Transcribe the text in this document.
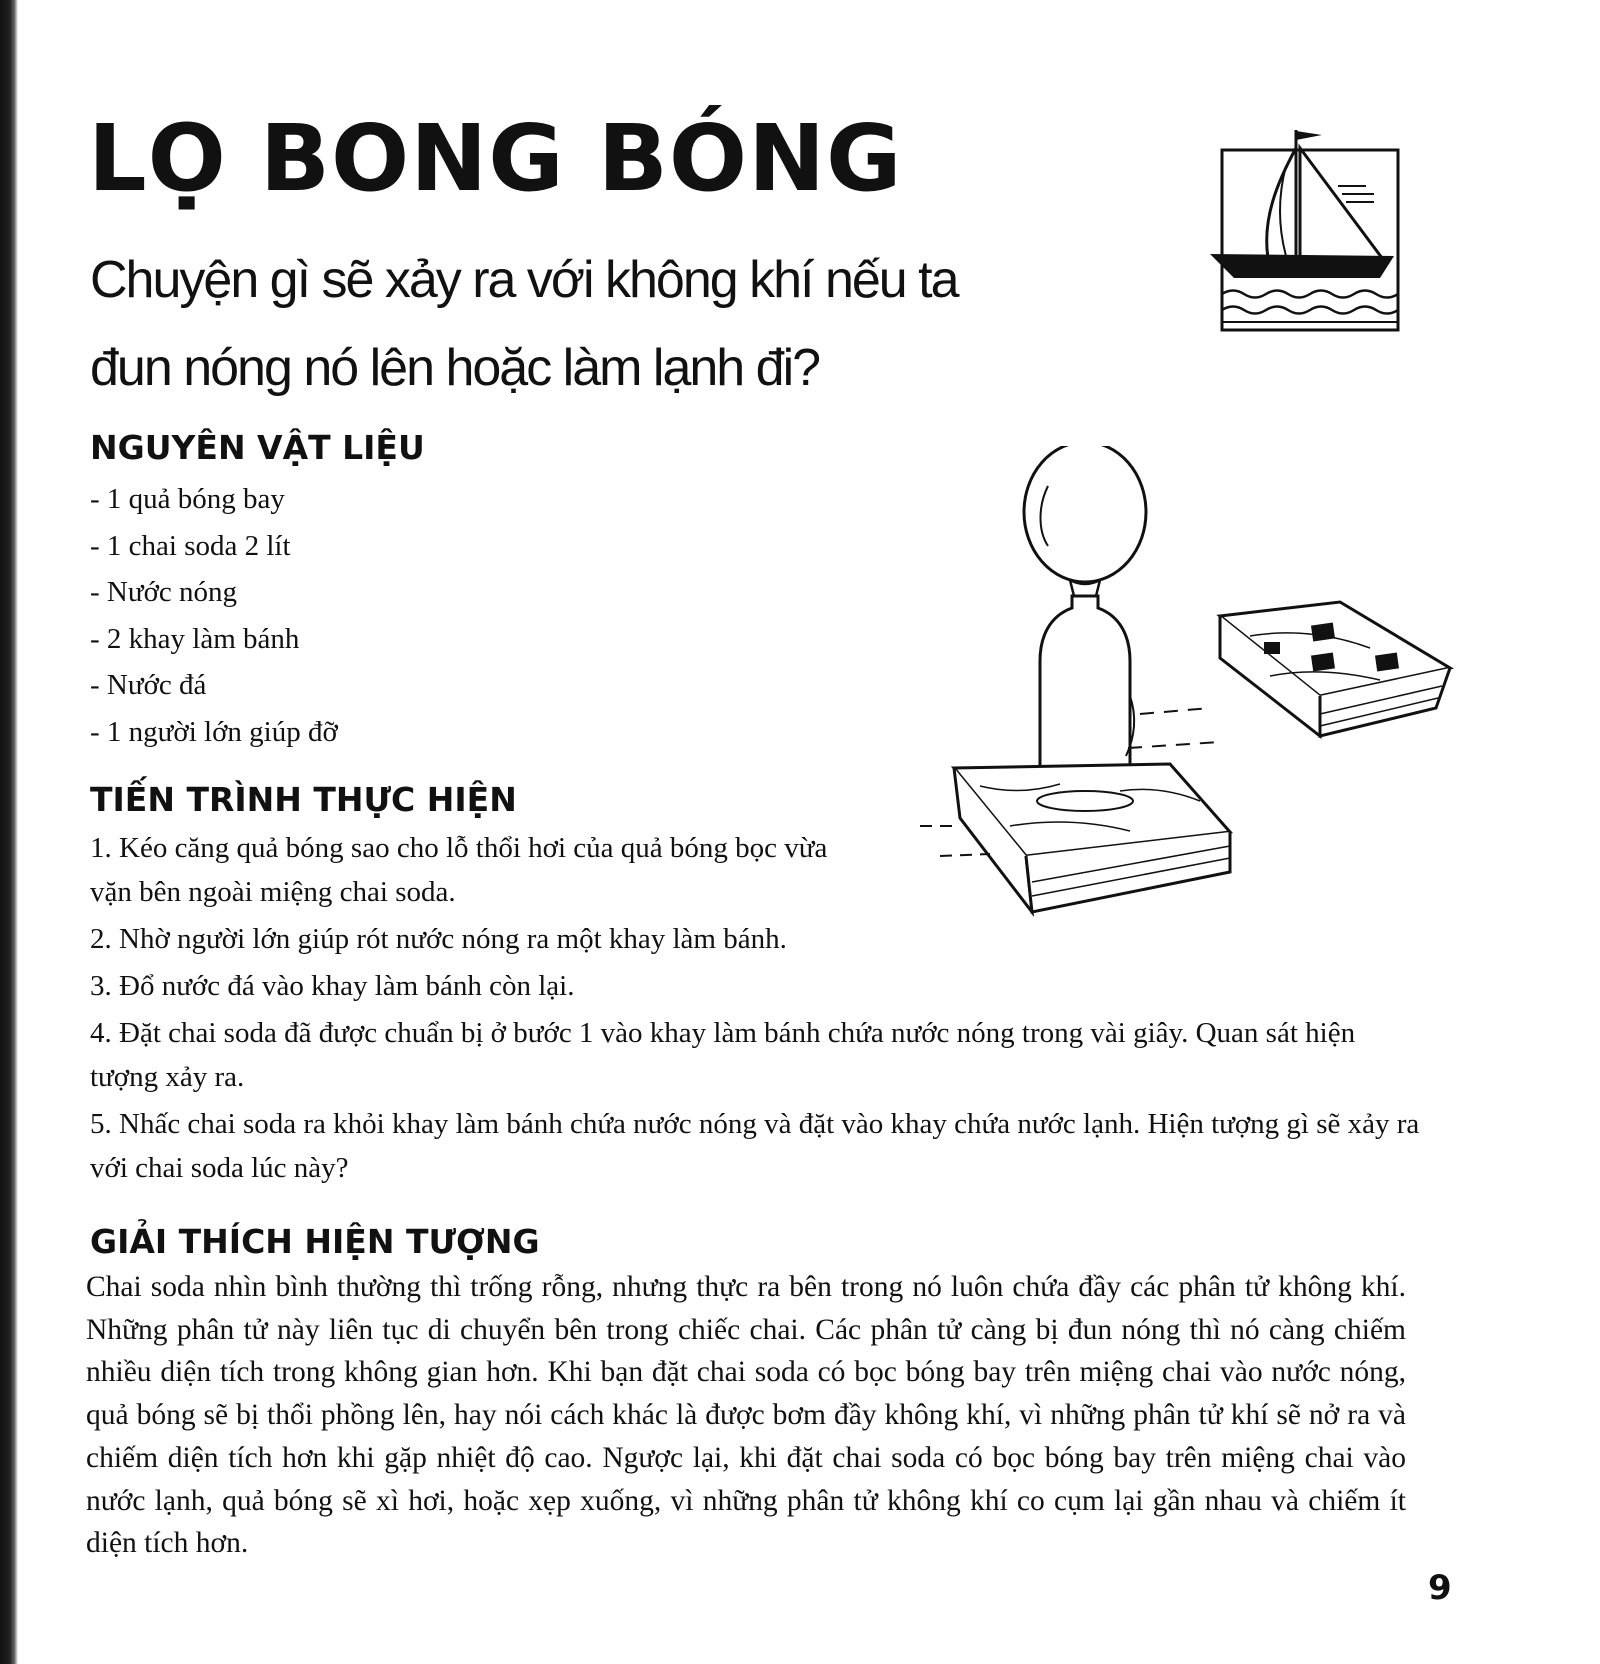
LỌ BONG BÓNG

Chuyện gì sẽ xảy ra với không khí nếu ta đun nóng nó lên hoặc làm lạnh đi?

NGUYÊN VẬT LIỆU
- 1 quả bóng bay
- 1 chai soda 2 lít
- Nước nóng
- 2 khay làm bánh
- Nước đá
- 1 người lớn giúp đỡ
TIẾN TRÌNH THỰC HIỆN
1. Kéo căng quả bóng sao cho lỗ thổi hơi của quả bóng bọc vừa vặn bên ngoài miệng chai soda.
2. Nhờ người lớn giúp rót nước nóng ra một khay làm bánh.
3. Đổ nước đá vào khay làm bánh còn lại.
4. Đặt chai soda đã được chuẩn bị ở bước 1 vào khay làm bánh chứa nước nóng trong vài giây. Quan sát hiện tượng xảy ra.
5. Nhấc chai soda ra khỏi khay làm bánh chứa nước nóng và đặt vào khay chứa nước lạnh. Hiện tượng gì sẽ xảy ra với chai soda lúc này?
GIẢI THÍCH HIỆN TƯỢNG

Chai soda nhìn bình thường thì trống rỗng, nhưng thực ra bên trong nó luôn chứa đầy các phân tử không khí. Những phân tử này liên tục di chuyển bên trong chiếc chai. Các phân tử càng bị đun nóng thì nó càng chiếm nhiều diện tích trong không gian hơn. Khi bạn đặt chai soda có bọc bóng bay trên miệng chai vào nước nóng, quả bóng sẽ bị thổi phồng lên, hay nói cách khác là được bơm đầy không khí, vì những phân tử khí sẽ nở ra và chiếm diện tích hơn khi gặp nhiệt độ cao. Ngược lại, khi đặt chai soda có bọc bóng bay trên miệng chai vào nước lạnh, quả bóng sẽ xì hơi, hoặc xẹp xuống, vì những phân tử không khí co cụm lại gần nhau và chiếm ít diện tích hơn.

9
